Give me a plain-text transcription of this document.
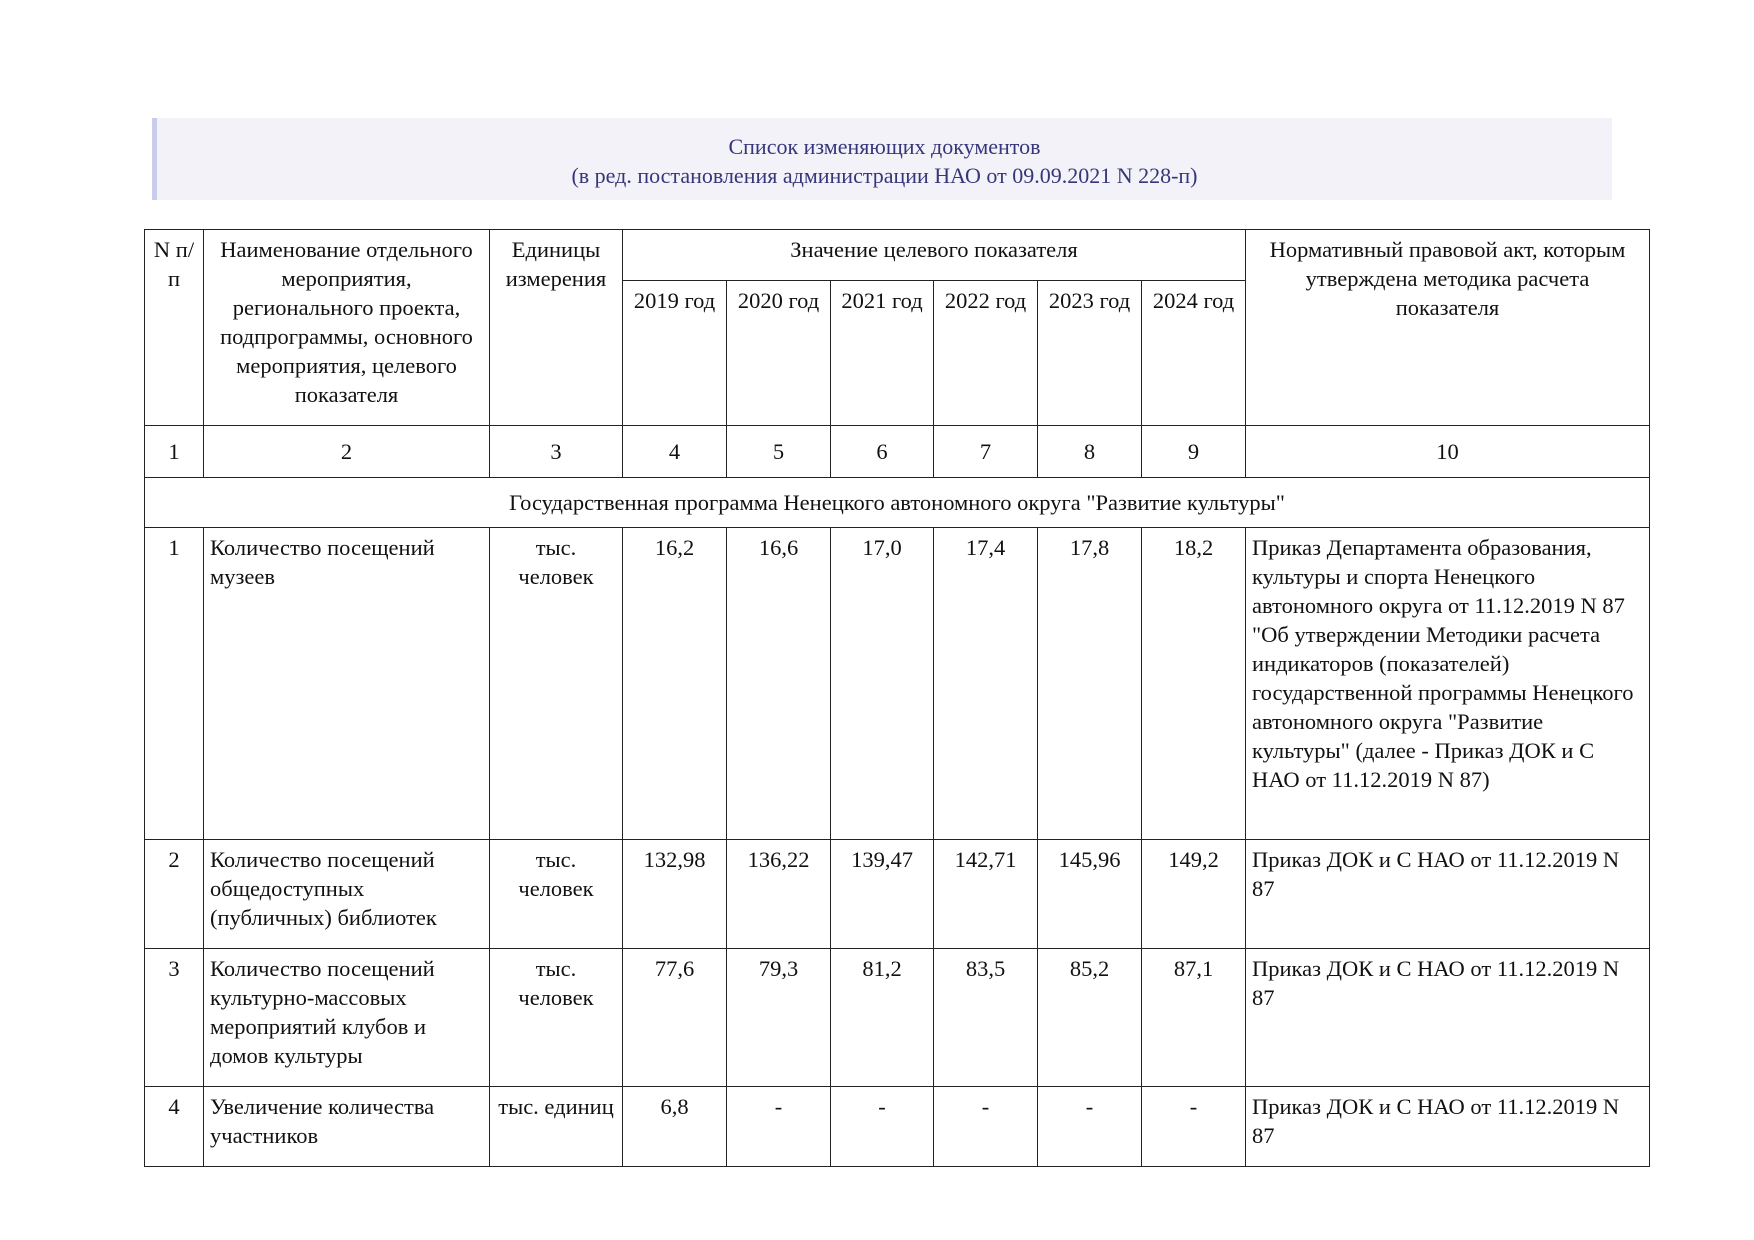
Список изменяющих документов
(в ред. постановления администрации НАО от 09.09.2021 N 228-п)
N п/п	Наименование отдельного мероприятия, регионального проекта, подпрограммы, основного мероприятия, целевого показателя	Единицы измерения	Значение целевого показателя						Нормативный правовой акт, которым утверждена методика расчета показателя
			2019 год	2020 год	2021 год	2022 год	2023 год	2024 год	
1	2	3	4	5	6	7	8	9	10
Государственная программа Ненецкого автономного округа "Развитие культуры"									
1	Количество посещений музеев	тыс. человек	16,2	16,6	17,0	17,4	17,8	18,2	Приказ Департамента образования, культуры и спорта Ненецкого автономного округа от 11.12.2019 N 87 "Об утверждении Методики расчета индикаторов (показателей) государственной программы Ненецкого автономного округа "Развитие культуры" (далее - Приказ ДОК и С НАО от 11.12.2019 N 87)
2	Количество посещений общедоступных (публичных) библиотек	тыс. человек	132,98	136,22	139,47	142,71	145,96	149,2	Приказ ДОК и С НАО от 11.12.2019 N 87
3	Количество посещений культурно-массовых мероприятий клубов и домов культуры	тыс. человек	77,6	79,3	81,2	83,5	85,2	87,1	Приказ ДОК и С НАО от 11.12.2019 N 87
4	Увеличение количества участников	тыс. единиц	6,8	-	-	-	-	-	Приказ ДОК и С НАО от 11.12.2019 N 87
